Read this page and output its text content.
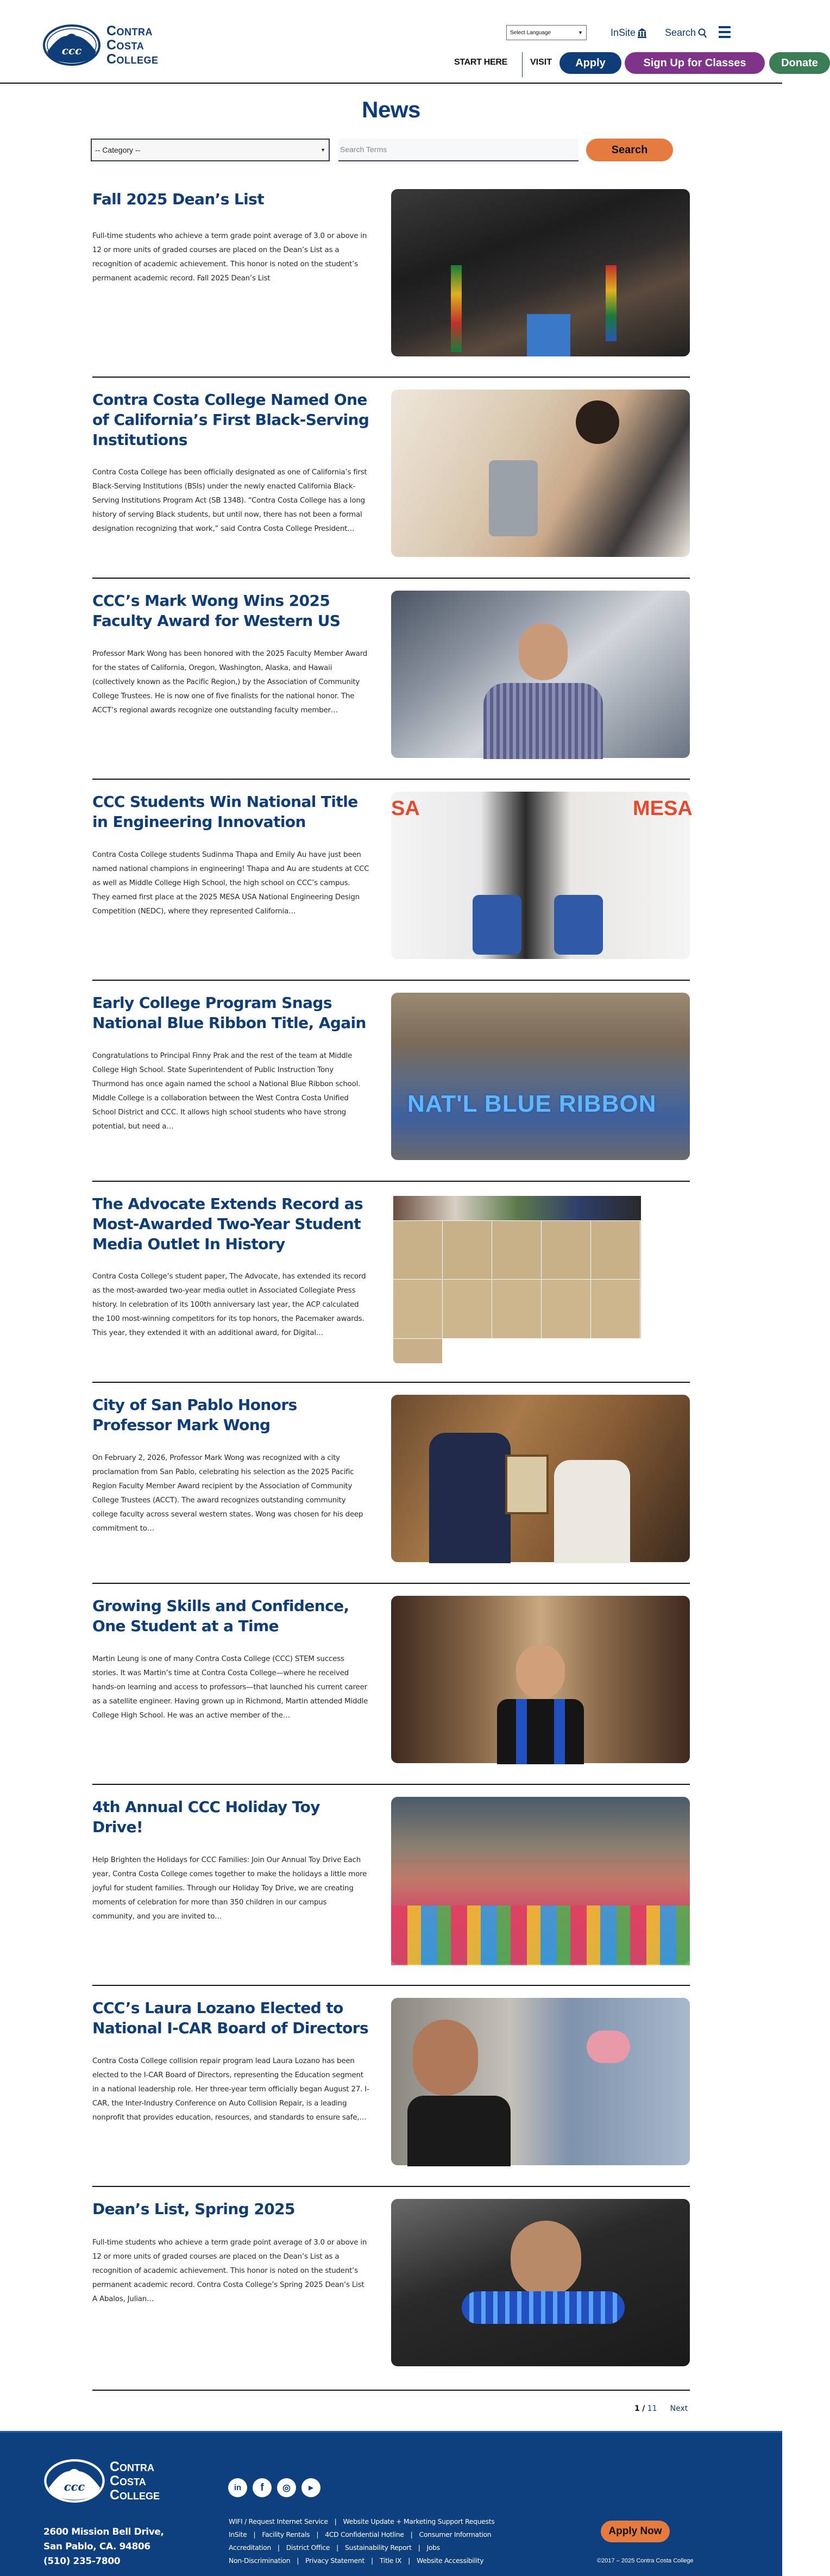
ccc
Contra
Costa
College
Select Language	▼	InSite	Search
START HERE	VISIT	Apply	Sign Up for Classes	Donate
News
-- Category --	▼ Search Terms	Search
Fall 2025 Dean’s List

Full-time students who achieve a term grade point average of 3.0 or above in 12 or more units of graded courses are placed on the Dean’s List as a recognition of academic achievement. This honor is noted on the student’s permanent academic record. Fall 2025 Dean’s List

Contra Costa College Named One of California’s First Black-Serving Institutions

Contra Costa College has been officially designated as one of California’s first Black-Serving Institutions (BSIs) under the newly enacted California Black-Serving Institutions Program Act (SB 1348). “Contra Costa College has a long history of serving Black students, but until now, there has not been a formal designation recognizing that work,” said Contra Costa College President…

CCC’s Mark Wong Wins 2025 Faculty Award for Western US

Professor Mark Wong has been honored with the 2025 Faculty Member Award for the states of California, Oregon, Washington, Alaska, and Hawaii (collectively known as the Pacific Region,) by the Association of Community College Trustees. He is now one of five finalists for the national honor. The ACCT’s regional awards recognize one outstanding faculty member…

CCC Students Win National Title in Engineering Innovation

Contra Costa College students Sudinma Thapa and Emily Au have just been named national champions in engineering! Thapa and Au are students at CCC as well as Middle College High School, the high school on CCC’s campus. They earned first place at the 2025 MESA USA National Engineering Design Competition (NEDC), where they represented California…

SA	MESA
Early College Program Snags National Blue Ribbon Title, Again

Congratulations to Principal Finny Prak and the rest of the team at Middle College High School. State Superintendent of Public Instruction Tony Thurmond has once again named the school a National Blue Ribbon school. Middle College is a collaboration between the West Contra Costa Unified School District and CCC. It allows high school students who have strong potential, but need a…

NAT'L BLUE RIBBON
The Advocate Extends Record as Most-Awarded Two-Year Student Media Outlet In History

Contra Costa College’s student paper, The Advocate, has extended its record as the most-awarded two-year media outlet in Associated Collegiate Press history. In celebration of its 100th anniversary last year, the ACP calculated the 100 most-winning competitors for its top honors, the Pacemaker awards. This year, they extended it with an additional award, for Digital…

City of San Pablo Honors Professor Mark Wong

On February 2, 2026, Professor Mark Wong was recognized with a city proclamation from San Pablo, celebrating his selection as the 2025 Pacific Region Faculty Member Award recipient by the Association of Community College Trustees (ACCT). The award recognizes outstanding community college faculty across several western states. Wong was chosen for his deep commitment to…

Growing Skills and Confidence, One Student at a Time

Martin Leung is one of many Contra Costa College (CCC) STEM success stories. It was Martin’s time at Contra Costa College—where he received hands-on learning and access to professors—that launched his current career as a satellite engineer. Having grown up in Richmond, Martin attended Middle College High School. He was an active member of the…

4th Annual CCC Holiday Toy Drive!

Help Brighten the Holidays for CCC Families: Join Our Annual Toy Drive Each year, Contra Costa College comes together to make the holidays a little more joyful for student families. Through our Holiday Toy Drive, we are creating moments of celebration for more than 350 children in our campus community, and you are invited to…

CCC’s Laura Lozano Elected to National I-CAR Board of Directors

Contra Costa College collision repair program lead Laura Lozano has been elected to the I-CAR Board of Directors, representing the Education segment in a national leadership role. Her three-year term officially began August 27. I-CAR, the Inter-Industry Conference on Auto Collision Repair, is a leading nonprofit that provides education, resources, and standards to ensure safe,…

Dean’s List, Spring 2025

Full-time students who achieve a term grade point average of 3.0 or above in 12 or more units of graded courses are placed on the Dean’s List as a recognition of academic achievement. This honor is noted on the student’s permanent academic record. Contra Costa College’s Spring 2025 Dean’s List A Abalos, Julian…

1 / 11 Next
ccc
Contra
Costa
College
2600 Mission Bell Drive,
San Pablo, CA. 94806
(510) 235-7800
in	f	◎	▶
WIFI / Request Internet Service | Website Update + Marketing Support Requests
InSite | Facility Rentals | 4CD Confidential Hotline | Consumer Information
Accreditation | District Office | Sustainability Report | Jobs
Non-Discrimination | Privacy Statement | Title IX | Website Accessibility
Apply Now
©2017 – 2025 Contra Costa College
